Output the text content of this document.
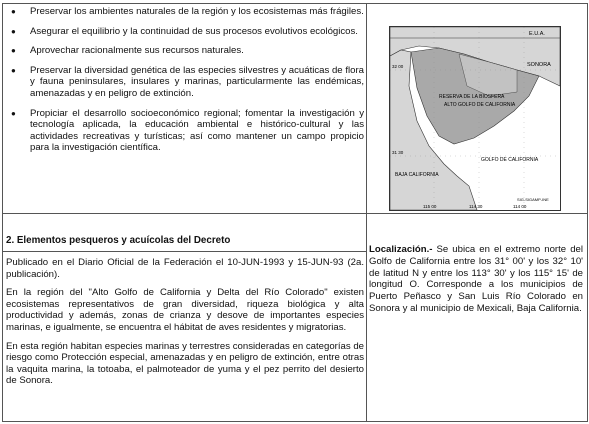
● Preservar los ambientes naturales de la región y los ecosistemas más frágiles.
● Asegurar el equilibrio y la continuidad de sus procesos evolutivos ecológicos.
● Aprovechar racionalmente sus recursos naturales.
● Preservar la diversidad genética de las especies silvestres y acuáticas de flora y fauna peninsulares, insulares y marinas, particularmente las endémicas, amenazadas y en peligro de extinción.
● Propiciar el desarrollo socioeconómico regional; fomentar la investigación y tecnología aplicada, la educación ambiental e histórico-cultural y las actividades recreativas y turísticas; así como mantener un campo propicio para la investigación científica.
2. Elementos pesqueros y acuícolas del Decreto

Publicado en el Diario Oficial de la Federación el 10-JUN-1993 y 15-JUN-93 (2a. publicación).

En la región del "Alto Golfo de California y Delta del Río Colorado" existen ecosistemas representativos de gran diversidad, riqueza biológica y alta productividad y además, zonas de crianza y desove de importantes especies marinas, e igualmente, se encuentra el hábitat de aves residentes y migratorias.

En esta región habitan especies marinas y terrestres consideradas en categorías de riesgo como Protección especial, amenazadas y en peligro de extinción, entre otras la vaquita marina, la totoaba, el palmoteador de yuma y el pez perrito del desierto de Sonora.

Localización.- Se ubica en el extremo norte del Golfo de California entre los 31° 00' y los 32° 10' de latitud N y entre los 113° 30' y los 115° 15' de longitud O. Corresponde a los municipios de Puerto Peñasco y San Luis Río Colorado en Sonora y al municipio de Mexicali, Baja California.
E.U.A.
SONORA
RESERVA DE LA BIOSFERA
ALTO GOLFO DE CALIFORNIA
GOLFO DE CALIFORNIA
BAJA CALIFORNIA
32 00
31 30
115 00	114 30	114 00
SIG-SIGAMP-INE
